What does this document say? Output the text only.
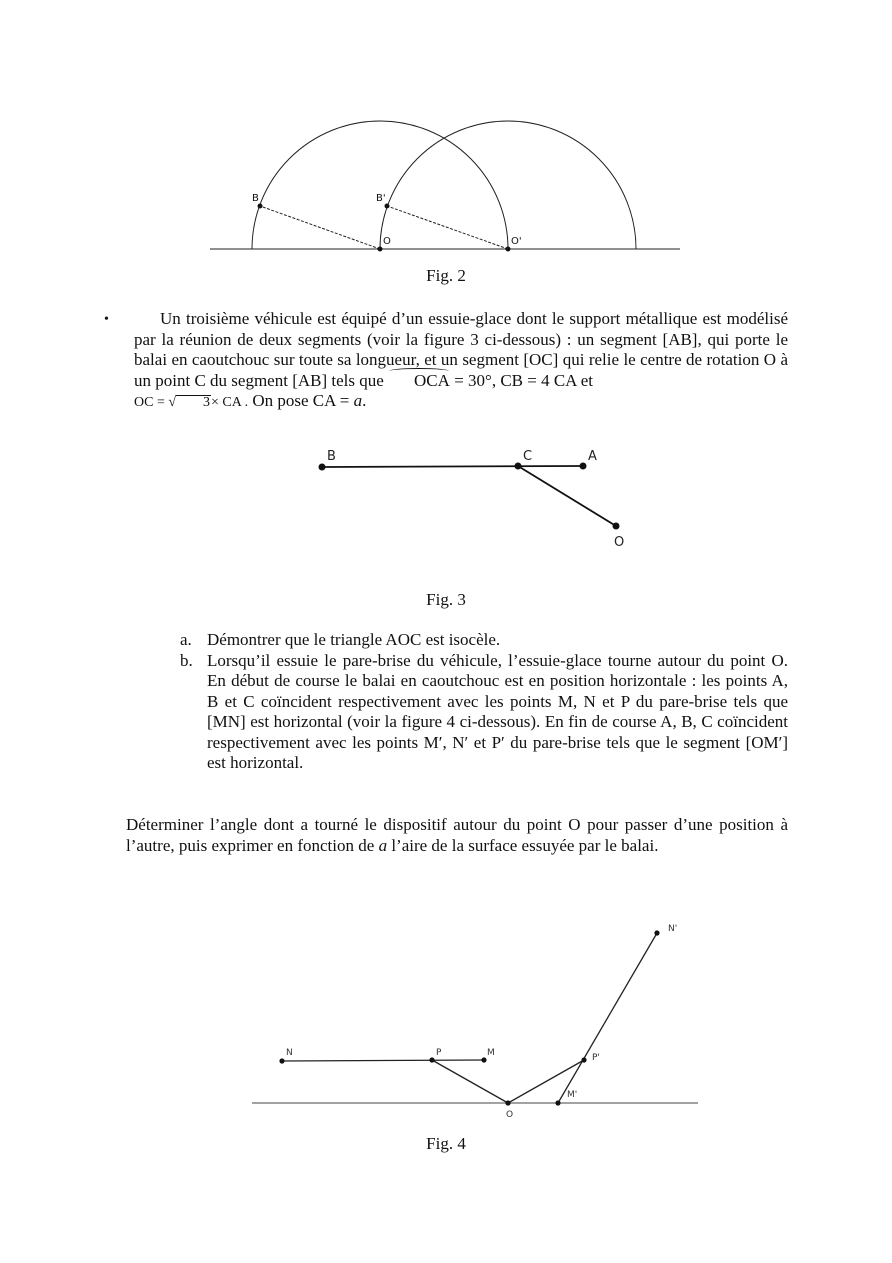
B	B'
O	O'
Fig. 2
•	Un troisième véhicule est équipé d’un essuie-glace dont le support métallique est modélisé par la réunion de deux segments (voir la figure 3 ci-dessous) : un segment [AB], qui porte le balai en caoutchouc sur toute sa longueur, et un segment [OC] qui relie le centre de rotation O à un point C du segment [AB] tels que OCA = 30°, CB = 4 CA et
OC = √ 3× CA . On pose CA = a.
B	C	A
O
Fig. 3
a. Démontrer que le triangle AOC est isocèle.
b. Lorsqu’il essuie le pare-brise du véhicule, l’essuie-glace tourne autour du point O. En début de course le balai en caoutchouc est en position horizontale : les points A, B et C coïncident respectivement avec les points M, N et P du pare-brise tels que [MN] est horizontal (voir la figure 4 ci-dessous). En fin de course A, B, C coïncident respectivement avec les points M′, N′ et P′ du pare-brise tels que le segment [OM′] est horizontal.
Déterminer l’angle dont a tourné le dispositif autour du point O pour passer d’une position à l’autre, puis exprimer en fonction de a l’aire de la surface essuyée par le balai.
N	P	M
O
M'
P'
N'
Fig. 4
